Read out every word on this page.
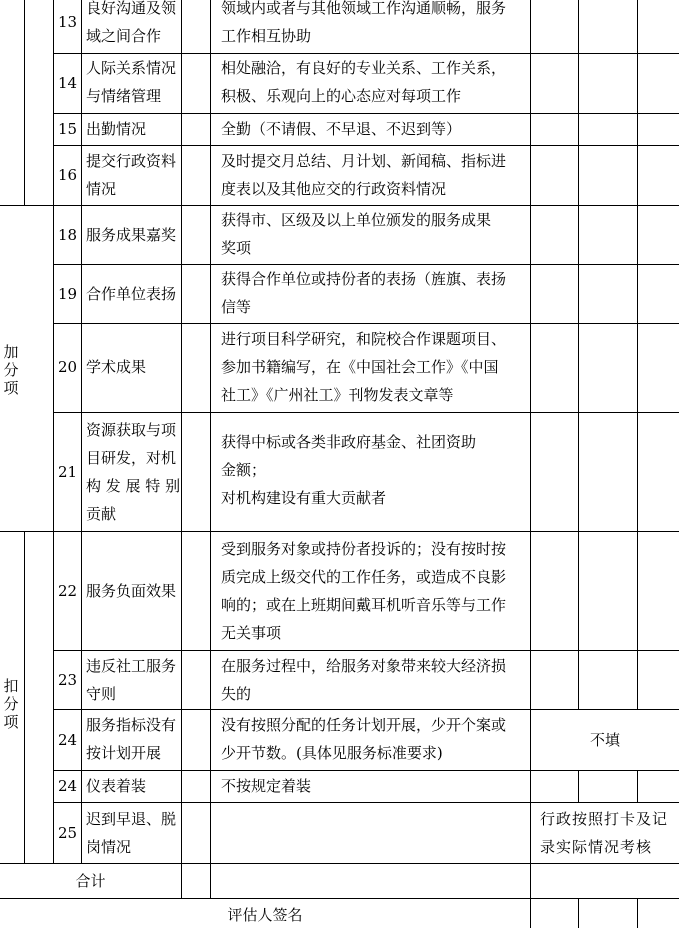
加
分
项
扣
分
项
13
良好沟通及领
域之间合作
领域内或者与其他领域工作沟通顺畅，服务
工作相互协助
14
人际关系情况
与情绪管理
相处融洽，有良好的专业关系、工作关系，
积极、乐观向上的心态应对每项工作
15 出勤情况	全勤（不请假、不早退、不迟到等）
16
提交行政资料
情况
及时提交月总结、月计划、新闻稿、指标进
度表以及其他应交的行政资料情况
18 服务成果嘉奖
获得市、区级及以上单位颁发的服务成果
奖项
19 合作单位表扬
获得合作单位或持份者的表扬（旌旗、表扬
信等
20 学术成果
进行项目科学研究，和院校合作课题项目、
参加书籍编写，在《中国社会工作》《中国
社工》《广州社工》刊物发表文章等
21
资源获取与项
目研发，对机
构 发 展 特 别
贡献
获得中标或各类非政府基金、社团资助
金额；
对机构建设有重大贡献者
22 服务负面效果
受到服务对象或持份者投诉的；没有按时按
质完成上级交代的工作任务，或造成不良影
响的；或在上班期间戴耳机听音乐等与工作
无关事项
23
违反社工服务
守则
在服务过程中，给服务对象带来较大经济损
失的
24
服务指标没有
按计划开展
没有按照分配的任务计划开展，少开个案或
少开节数。(具体见服务标准要求)
不填
24 仪表着装	不按规定着装
25
迟到早退、脱
岗情况
行政按照打卡及记
录实际情况考核
合计
评估人签名
